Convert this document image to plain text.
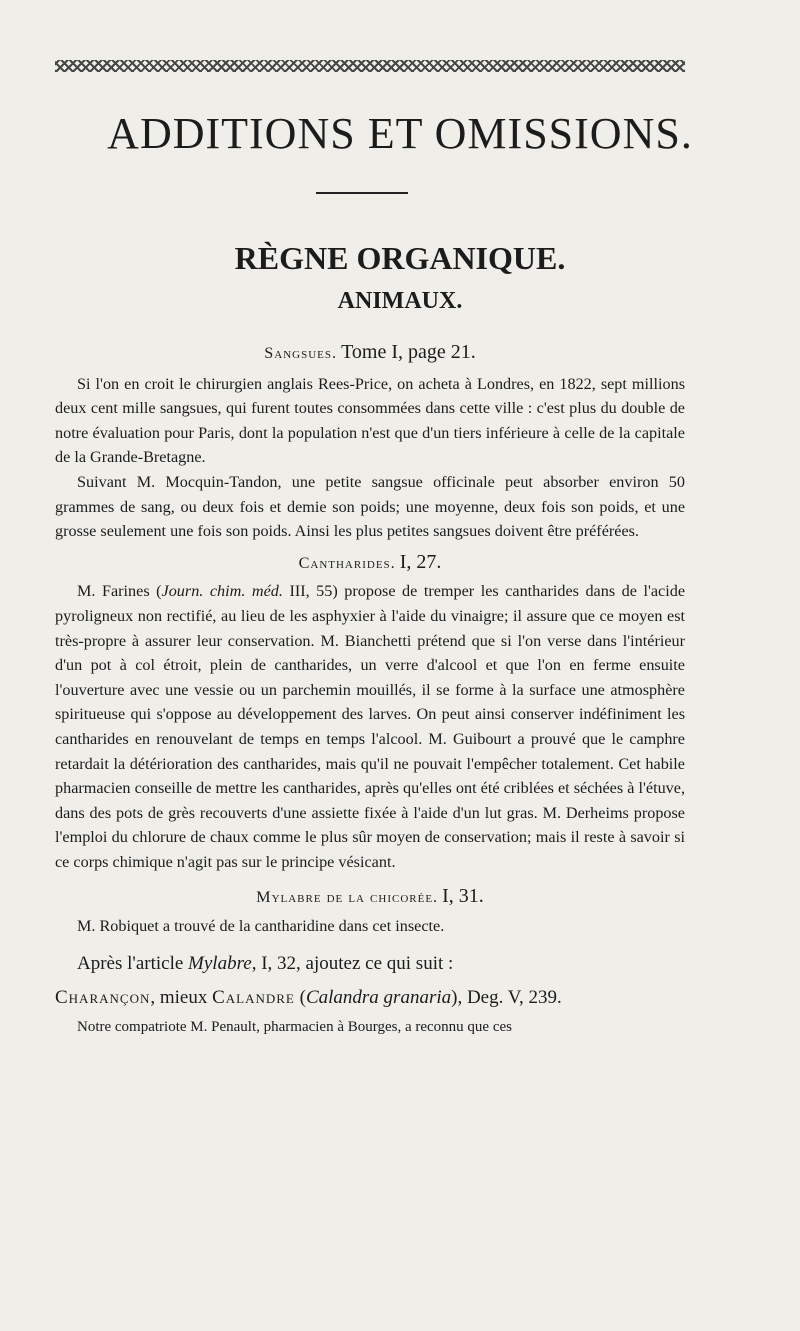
ADDITIONS ET OMISSIONS.
RÈGNE ORGANIQUE.
ANIMAUX.

Sangsues. Tome I, page 21.

Si l'on en croit le chirurgien anglais Rees-Price, on acheta à Londres, en 1822, sept millions deux cent mille sangsues, qui furent toutes consommées dans cette ville : c'est plus du double de notre évaluation pour Paris, dont la population n'est que d'un tiers inférieure à celle de la capitale de la Grande-Bretagne.

Suivant M. Mocquin-Tandon, une petite sangsue officinale peut absorber environ 50 grammes de sang, ou deux fois et demie son poids; une moyenne, deux fois son poids, et une grosse seulement une fois son poids. Ainsi les plus petites sangsues doivent être préférées.

Cantharides. I, 27.

M. Farines (Journ. chim. méd. III, 55) propose de tremper les cantharides dans de l'acide pyroligneux non rectifié, au lieu de les asphyxier à l'aide du vinaigre; il assure que ce moyen est très-propre à assurer leur conservation. M. Bianchetti prétend que si l'on verse dans l'intérieur d'un pot à col étroit, plein de cantharides, un verre d'alcool et que l'on en ferme ensuite l'ouverture avec une vessie ou un parchemin mouillés, il se forme à la surface une atmosphère spiritueuse qui s'oppose au développement des larves. On peut ainsi conserver indéfiniment les cantharides en renouvelant de temps en temps l'alcool. M. Guibourt a prouvé que le camphre retardait la détérioration des cantharides, mais qu'il ne pouvait l'empêcher totalement. Cet habile pharmacien conseille de mettre les cantharides, après qu'elles ont été criblées et séchées à l'étuve, dans des pots de grès recouverts d'une assiette fixée à l'aide d'un lut gras. M. Derheims propose l'emploi du chlorure de chaux comme le plus sûr moyen de conservation; mais il reste à savoir si ce corps chimique n'agit pas sur le principe vésicant.

Mylabre de la chicorée. I, 31.

M. Robiquet a trouvé de la cantharidine dans cet insecte.

Après l'article Mylabre, I, 32, ajoutez ce qui suit :

Charançon, mieux Calandre (Calandra granaria), Deg. V, 239.

Notre compatriote M. Penault, pharmacien à Bourges, a reconnu que ces
